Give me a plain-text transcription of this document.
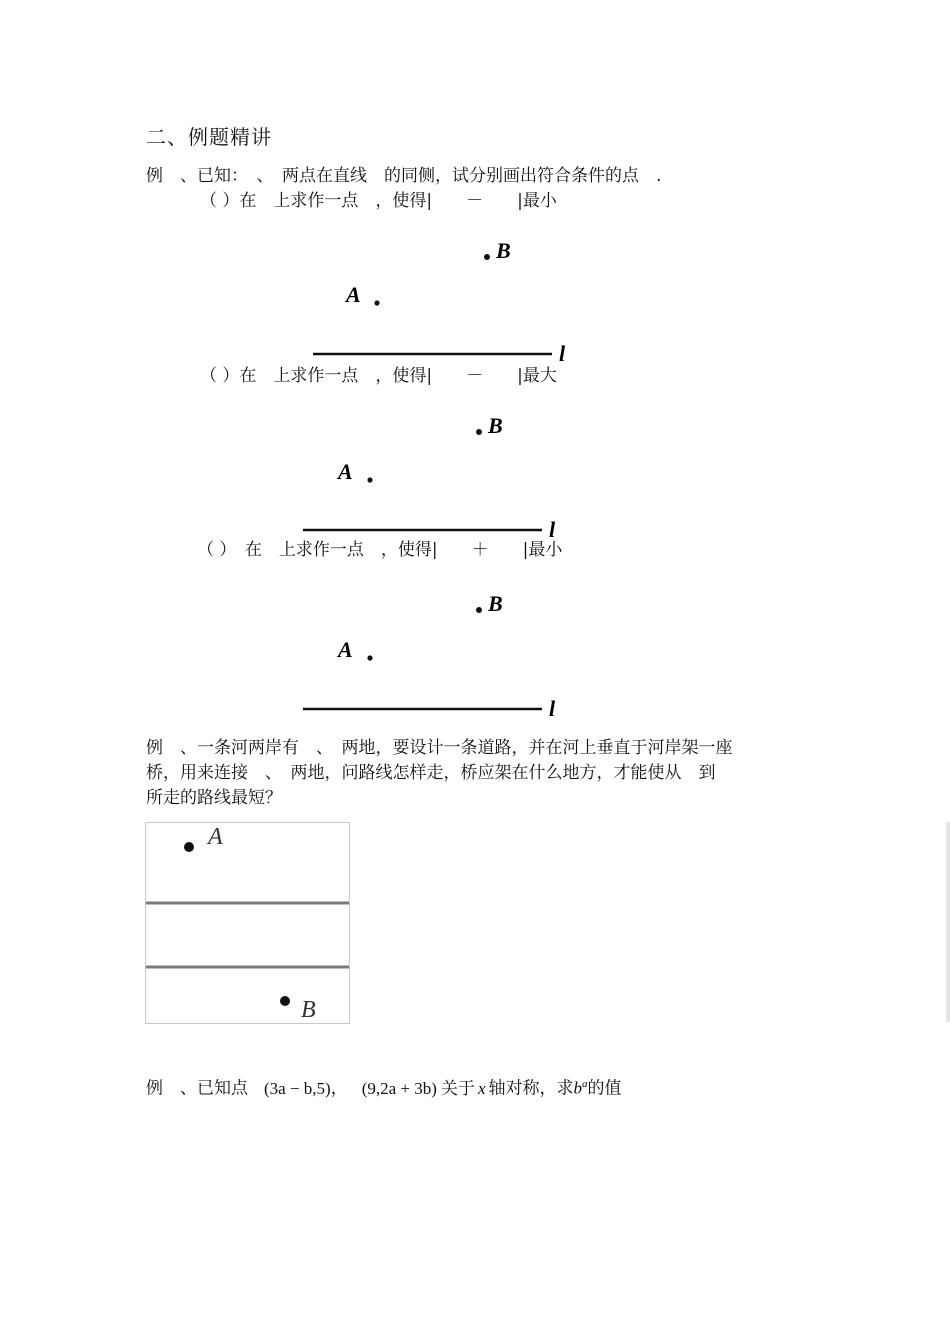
二、例题精讲
例　、已知：　、　两点在直线　的同侧，试分别画出符合条件的点　.
（ ）在　上求作一点　，使得|　　－　　|最小
B
A
l
（ ）在　上求作一点　，使得|　　－　　|最大
B
A
l
（ ）　在　上求作一点　，使得|　　＋　　|最小
B
A
l
例　、一条河两岸有　、　两地，要设计一条道路，并在河上垂直于河岸架一座
桥，用来连接　、　两地，问路线怎样走，桥应架在什么地方，才能使从　到
所走的路线最短？
A
B
例　、已知点 (3a − b,5)， (9,2a + 3b) 关于 x 轴对称，求$b^a$的值
